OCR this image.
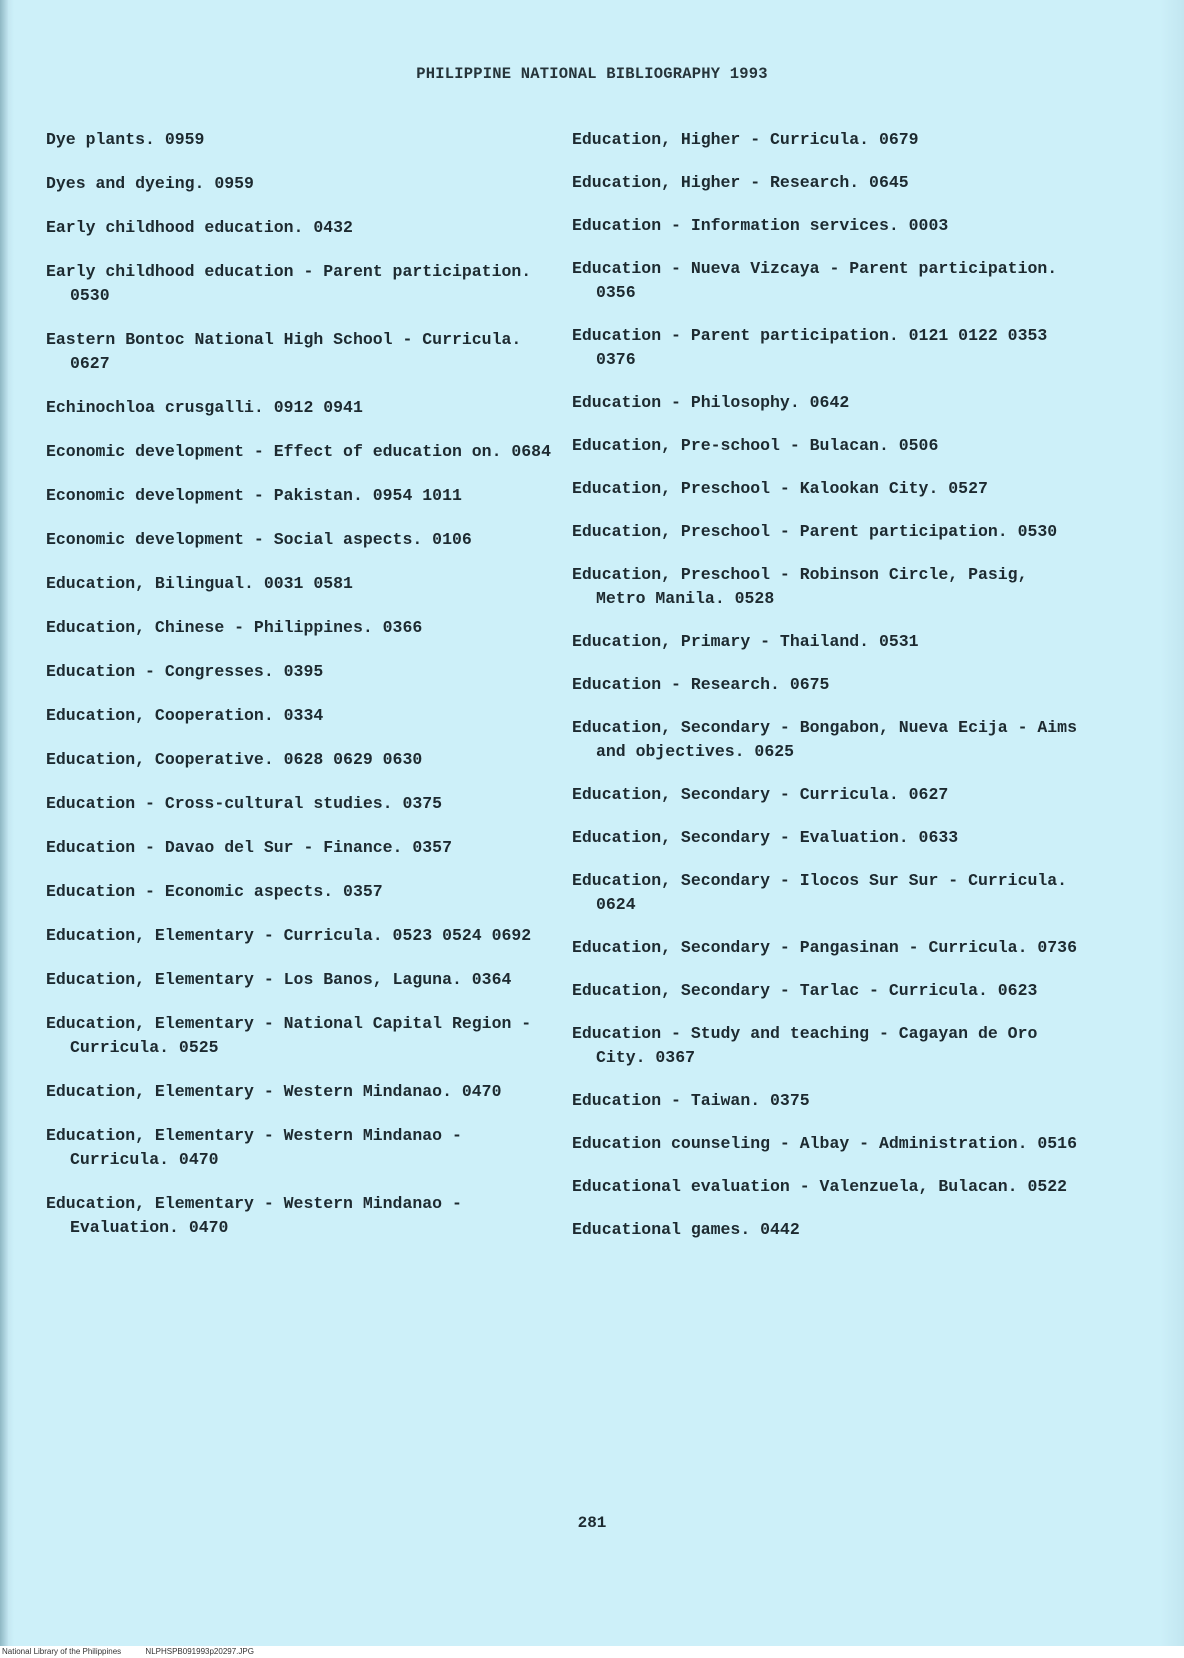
PHILIPPINE NATIONAL BIBLIOGRAPHY 1993

Dye plants. 0959

Dyes and dyeing. 0959

Early childhood education. 0432

Early childhood education - Parent participation. 0530

Eastern Bontoc National High School - Curricula. 0627

Echinochloa crusgalli. 0912 0941

Economic development - Effect of education on. 0684

Economic development - Pakistan. 0954 1011

Economic development - Social aspects. 0106

Education, Bilingual. 0031 0581

Education, Chinese - Philippines. 0366

Education - Congresses. 0395

Education, Cooperation. 0334

Education, Cooperative. 0628 0629 0630

Education - Cross-cultural studies. 0375

Education - Davao del Sur - Finance. 0357

Education - Economic aspects. 0357

Education, Elementary - Curricula. 0523 0524 0692

Education, Elementary - Los Banos, Laguna. 0364

Education, Elementary - National Capital Region - Curricula. 0525

Education, Elementary - Western Mindanao. 0470

Education, Elementary - Western Mindanao - Curricula. 0470

Education, Elementary - Western Mindanao - Evaluation. 0470

Education, Higher - Curricula. 0679

Education, Higher - Research. 0645

Education - Information services. 0003

Education - Nueva Vizcaya - Parent participation. 0356

Education - Parent participation. 0121 0122 0353 0376

Education - Philosophy. 0642

Education, Pre-school - Bulacan. 0506

Education, Preschool - Kalookan City. 0527

Education, Preschool - Parent participation. 0530

Education, Preschool - Robinson Circle, Pasig, Metro Manila. 0528

Education, Primary - Thailand. 0531

Education - Research. 0675

Education, Secondary - Bongabon, Nueva Ecija - Aims and objectives. 0625

Education, Secondary - Curricula. 0627

Education, Secondary - Evaluation. 0633

Education, Secondary - Ilocos Sur Sur - Curricula. 0624

Education, Secondary - Pangasinan - Curricula. 0736

Education, Secondary - Tarlac - Curricula. 0623

Education - Study and teaching - Cagayan de Oro City. 0367

Education - Taiwan. 0375

Education counseling - Albay - Administration. 0516

Educational evaluation - Valenzuela, Bulacan. 0522

Educational games. 0442

281
National Library of the Philippines	NLPHSPB091993p20297.JPG
